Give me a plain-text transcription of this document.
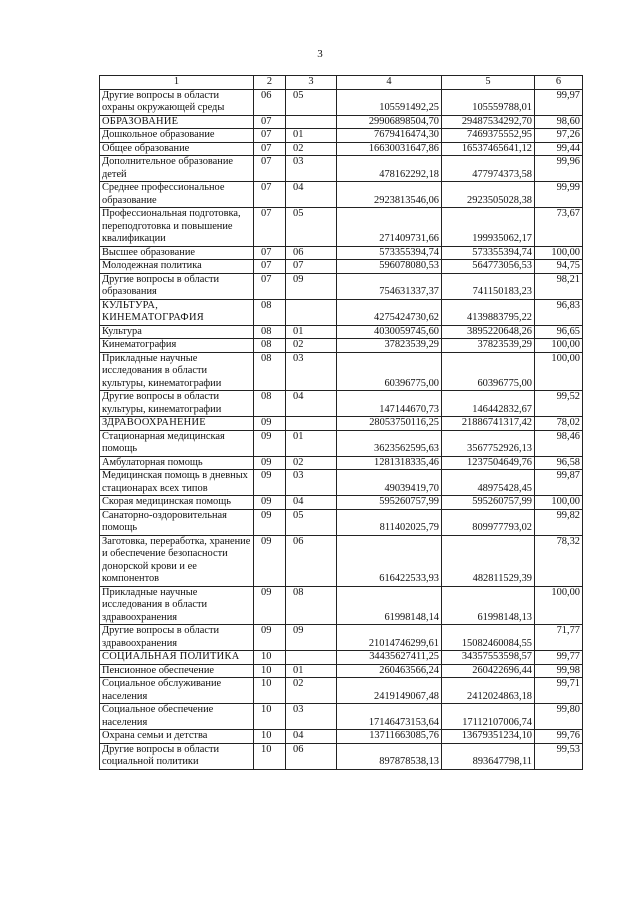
3
1	2	3	4	5	6
Другие вопросы в области охраны окружающей среды	06	05	105591492,25	105559788,01	99,97
ОБРАЗОВАНИЕ	07		29906898504,70	29487534292,70	98,60
Дошкольное образование	07	01	7679416474,30	7469375552,95	97,26
Общее образование	07	02	16630031647,86	16537465641,12	99,44
Дополнительное образование детей	07	03	478162292,18	477974373,58	99,96
Среднее профессиональное образование	07	04	2923813546,06	2923505028,38	99,99
Профессиональная подготовка, переподготовка и повышение квалификации	07	05	271409731,66	199935062,17	73,67
Высшее образование	07	06	573355394,74	573355394,74	100,00
Молодежная политика	07	07	596078080,53	564773056,53	94,75
Другие вопросы в области образования	07	09	754631337,37	741150183,23	98,21
КУЛЬТУРА, КИНЕМАТОГРАФИЯ	08		4275424730,62	4139883795,22	96,83
Культура	08	01	4030059745,60	3895220648,26	96,65
Кинематография	08	02	37823539,29	37823539,29	100,00
Прикладные научные исследования в области культуры, кинематографии	08	03	60396775,00	60396775,00	100,00
Другие вопросы в области культуры, кинематографии	08	04	147144670,73	146442832,67	99,52
ЗДРАВООХРАНЕНИЕ	09		28053750116,25	21886741317,42	78,02
Стационарная медицинская помощь	09	01	3623562595,63	3567752926,13	98,46
Амбулаторная помощь	09	02	1281318335,46	1237504649,76	96,58
Медицинская помощь в дневных стационарах всех типов	09	03	49039419,70	48975428,45	99,87
Скорая медицинская помощь	09	04	595260757,99	595260757,99	100,00
Санаторно-оздоровительная помощь	09	05	811402025,79	809977793,02	99,82
Заготовка, переработка, хранение и обеспечение безопасности донорской крови и ее компонентов	09	06	616422533,93	482811529,39	78,32
Прикладные научные исследования в области здравоохранения	09	08	61998148,14	61998148,13	100,00
Другие вопросы в области здравоохранения	09	09	21014746299,61	15082460084,55	71,77
СОЦИАЛЬНАЯ ПОЛИТИКА	10		34435627411,25	34357553598,57	99,77
Пенсионное обеспечение	10	01	260463566,24	260422696,44	99,98
Социальное обслуживание населения	10	02	2419149067,48	2412024863,18	99,71
Социальное обеспечение населения	10	03	17146473153,64	17112107006,74	99,80
Охрана семьи и детства	10	04	13711663085,76	13679351234,10	99,76
Другие вопросы в области социальной политики	10	06	897878538,13	893647798,11	99,53
